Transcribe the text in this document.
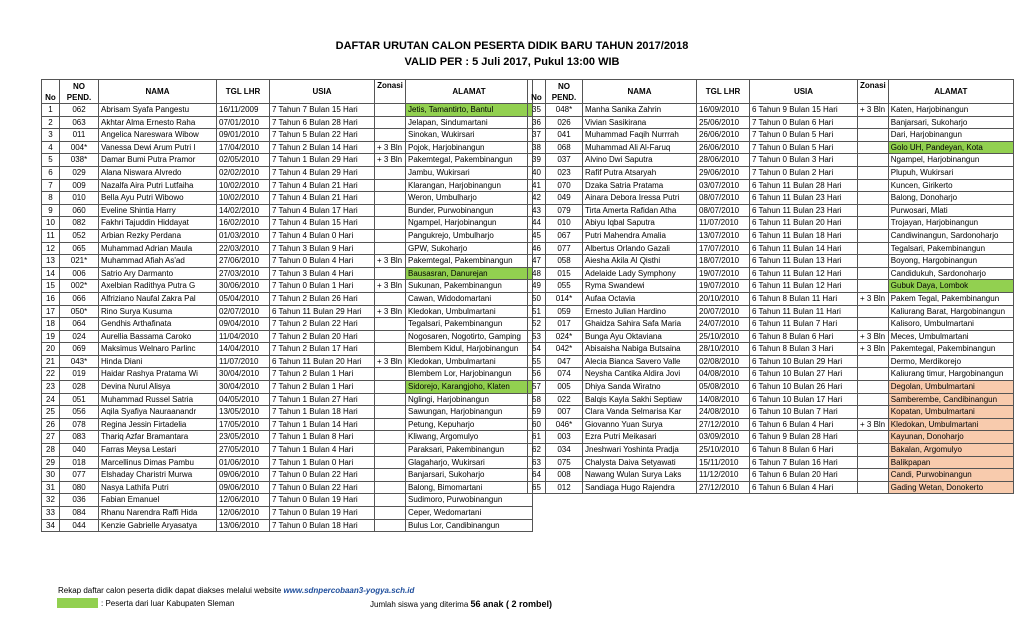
DAFTAR URUTAN CALON PESERTA DIDIK BARU TAHUN 2017/2018
VALID PER : 5 Juli 2017, Pukul 13:00 WIB
No	NO PEND.	NAMA	TGL LHR	USIA	Zonasi	ALAMAT
1	062	Abrisam Syafa Pangestu	16/11/2009	7 Tahun 7 Bulan 15 Hari		Jetis, Tamantirto, Bantul
2	063	Akhtar Alma Ernesto Raha	07/01/2010	7 Tahun 6 Bulan 28 Hari		Jelapan, Sindumartani
3	011	Angelica Nareswara Wibow	09/01/2010	7 Tahun 5 Bulan 22 Hari		Sinokan, Wukirsari
4	004*	Vanessa Dewi Arum Putri I	17/04/2010	7 Tahun 2 Bulan 14 Hari	+ 3 Bln	Pojok, Harjobinangun
5	038*	Damar Bumi Putra Pramor	02/05/2010	7 Tahun 1 Bulan 29 Hari	+ 3 Bln	Pakemtegal, Pakembinangun
6	029	Alana Niswara Alvredo	02/02/2010	7 Tahun 4 Bulan 29 Hari		Jambu, Wukirsari
7	009	Nazalfa Aira Putri Lutfaiha	10/02/2010	7 Tahun 4 Bulan 21 Hari		Klarangan, Harjobinangun
8	010	Bella Ayu Putri Wibowo	10/02/2010	7 Tahun 4 Bulan 21 Hari		Weron, Umbulharjo
9	060	Eveline Shintia Harry	14/02/2010	7 Tahun 4 Bulan 17 Hari		Bunder, Purwobinangun
10	082	Fakhri Tajuddin Hiddayat	16/02/2010	7 Tahun 4 Bulan 15 Hari		Ngampel, Harjobinangun
11	052	Arbian Rezky Perdana	01/03/2010	7 Tahun 4 Bulan 0 Hari		Pangukrejo, Umbulharjo
12	065	Muhammad Adrian Maula	22/03/2010	7 Tahun 3 Bulan 9 Hari		GPW, Sukoharjo
13	021*	Muhammad Afiah As'ad	27/06/2010	7 Tahun 0 Bulan 4 Hari	+ 3 Bln	Pakemtegal, Pakembinangun
14	006	Satrio Ary Darmanto	27/03/2010	7 Tahun 3 Bulan 4 Hari		Bausasran, Danurejan
15	002*	Axelbian Radithya Putra G	30/06/2010	7 Tahun 0 Bulan 1 Hari	+ 3 Bln	Sukunan, Pakembinangun
16	066	Alfriziano Naufal Zakra Pal	05/04/2010	7 Tahun 2 Bulan 26 Hari		Cawan, Widodomartani
17	050*	Rino Surya Kusuma	02/07/2010	6 Tahun 11 Bulan 29 Hari	+ 3 Bln	Kledokan, Umbulmartani
18	064	Gendhis Arthafinata	09/04/2010	7 Tahun 2 Bulan 22 Hari		Tegalsari, Pakembinangun
19	024	Aurellia Bassama Caroko	11/04/2010	7 Tahun 2 Bulan 20 Hari		Nogosaren, Nogotirto, Gamping
20	069	Maksimus Welnaro Parlinc	14/04/2010	7 Tahun 2 Bulan 17 Hari		Blembem Kidul, Harjobinangun
21	043*	Hinda Diani	11/07/2010	6 Tahun 11 Bulan 20 Hari	+ 3 Bln	Kledokan, Umbulmartani
22	019	Haidar Rashya Pratama Wi	30/04/2010	7 Tahun 2 Bulan 1 Hari		Blembem Lor, Harjobinangun
23	028	Devina Nurul Alisya	30/04/2010	7 Tahun 2 Bulan 1 Hari		Sidorejo, Karangjoho, Klaten
24	051	Muhammad Russel Satria	04/05/2010	7 Tahun 1 Bulan 27 Hari		Nglingi, Harjobinangun
25	056	Aqila Syafiya Nauraanandr	13/05/2010	7 Tahun 1 Bulan 18 Hari		Sawungan, Harjobinangun
26	078	Regina Jessin Firtadelia	17/05/2010	7 Tahun 1 Bulan 14 Hari		Petung, Kepuharjo
27	083	Thariq Azfar Bramantara	23/05/2010	7 Tahun 1 Bulan 8 Hari		Kliwang, Argomulyo
28	040	Farras Meysa Lestari	27/05/2010	7 Tahun 1 Bulan 4 Hari		Paraksari, Pakembinangun
29	018	Marcellinus Dimas Pambu	01/06/2010	7 Tahun 1 Bulan 0 Hari		Glagaharjo, Wukirsari
30	077	Elshaday Charistri Murwa	09/06/2010	7 Tahun 0 Bulan 22 Hari		Banjarsari, Sukoharjo
31	080	Nasya Lathifa Putri	09/06/2010	7 Tahun 0 Bulan 22 Hari		Balong, Bimomartani
32	036	Fabian Emanuel	12/06/2010	7 Tahun 0 Bulan 19 Hari		Sudimoro, Purwobinangun
33	084	Rhanu Narendra Raffi Hida	12/06/2010	7 Tahun 0 Bulan 19 Hari		Ceper, Wedomartani
34	044	Kenzie Gabrielle Aryasatya	13/06/2010	7 Tahun 0 Bulan 18 Hari		Bulus Lor, Candibinangun
No	NO PEND.	NAMA	TGL LHR	USIA	Zonasi	ALAMAT
35	048*	Manha Sanika Zahrin	16/09/2010	6 Tahun 9 Bulan 15 Hari	+ 3 Bln	Katen, Harjobinangun
36	026	Vivian Sasikirana	25/06/2010	7 Tahun 0 Bulan 6 Hari		Banjarsari, Sukoharjo
37	041	Muhammad Faqih Nurrrah	26/06/2010	7 Tahun 0 Bulan 5 Hari		Dari, Harjobinangun
38	068	Muhammad Ali Al-Faruq	26/06/2010	7 Tahun 0 Bulan 5 Hari		Golo UH, Pandeyan, Kota
39	037	Alvino Dwi Saputra	28/06/2010	7 Tahun 0 Bulan 3 Hari		Ngampel, Harjobinangun
40	023	Rafif Putra Atsaryah	29/06/2010	7 Tahun 0 Bulan 2 Hari		Plupuh, Wukirsari
41	070	Dzaka Satria Pratama	03/07/2010	6 Tahun 11 Bulan 28 Hari		Kuncen, Girikerto
42	049	Ainara Debora Iressa Putri	08/07/2010	6 Tahun 11 Bulan 23 Hari		Balong, Donoharjo
43	079	Tirta Amerta Rafidan Atha	08/07/2010	6 Tahun 11 Bulan 23 Hari		Purwosari, Mlati
44	010	Abiyu Iqbal Saputra	11/07/2010	6 Tahun 11 Bulan 20 Hari		Trojayan, Harjobinangun
45	067	Putri Mahendra Amalia	13/07/2010	6 Tahun 11 Bulan 18 Hari		Candiwinangun, Sardonoharjo
46	077	Albertus Orlando Gazali	17/07/2010	6 Tahun 11 Bulan 14 Hari		Tegalsari, Pakembinangun
47	058	Aiesha Akila Al Qisthi	18/07/2010	6 Tahun 11 Bulan 13 Hari		Boyong, Hargobinangun
48	015	Adelaide Lady Symphony	19/07/2010	6 Tahun 11 Bulan 12 Hari		Candidukuh, Sardonoharjo
49	055	Ryma Swandewi	19/07/2010	6 Tahun 11 Bulan 12 Hari		Gubuk Daya, Lombok
50	014*	Aufaa Octavia	20/10/2010	6 Tahun 8 Bulan 11 Hari	+ 3 Bln	Pakem Tegal, Pakembinangun
51	059	Ernesto Julian Hardino	20/07/2010	6 Tahun 11 Bulan 11 Hari		Kaliurang Barat, Hargobinangun
52	017	Ghaidza Sahira Safa Maria	24/07/2010	6 Tahun 11 Bulan 7 Hari		Kalisoro, Umbulmartani
53	024*	Bunga Ayu Oktaviana	25/10/2010	6 Tahun 8 Bulan 6 Hari	+ 3 Bln	Meces, Umbulmartani
54	042*	Abisaisha Nabiga Butsaina	28/10/2010	6 Tahun 8 Bulan 3 Hari	+ 3 Bln	Pakemtegal, Pakembinangun
55	047	Alecia Bianca Savero Valle	02/08/2010	6 Tahun 10 Bulan 29 Hari		Dermo, Merdikorejo
56	074	Neysha Cantika Aldira Jovi	04/08/2010	6 Tahun 10 Bulan 27 Hari		Kaliurang timur, Hargobinangun
57	005	Dhiya Sanda Wiratno	05/08/2010	6 Tahun 10 Bulan 26 Hari		Degolan, Umbulmartani
58	022	Balqis Kayla Sakhi Septiaw	14/08/2010	6 Tahun 10 Bulan 17 Hari		Samberembe, Candibinangun
59	007	Clara Vanda Selmarisa Kar	24/08/2010	6 Tahun 10 Bulan 7 Hari		Kopatan, Umbulmartani
60	046*	Giovanno Yuan Surya	27/12/2010	6 Tahun 6 Bulan 4 Hari	+ 3 Bln	Kledokan, Umbulmartani
61	003	Ezra Putri Meikasari	03/09/2010	6 Tahun 9 Bulan 28 Hari		Kayunan, Donoharjo
62	034	Jneshwari Yoshinta Pradja	25/10/2010	6 Tahun 8 Bulan 6 Hari		Bakalan, Argomulyo
63	075	Chalysta Daiva Setyawati	15/11/2010	6 Tahun 7 Bulan 16 Hari		Balikpapan
64	008	Nawang Wulan Surya Laks	11/12/2010	6 Tahun 6 Bulan 20 Hari		Candi, Purwobinangun
65	012	Sandiaga Hugo Rajendra	27/12/2010	6 Tahun 6 Bulan 4 Hari		Gading Wetan, Donokerto
Rekap daftar calon peserta didik dapat diakses melalui website www.sdnpercobaan3-yogya.sch.id
: Peserta dari luar Kabupaten Sleman	Jumlah siswa yang diterima 56 anak ( 2 rombel)
